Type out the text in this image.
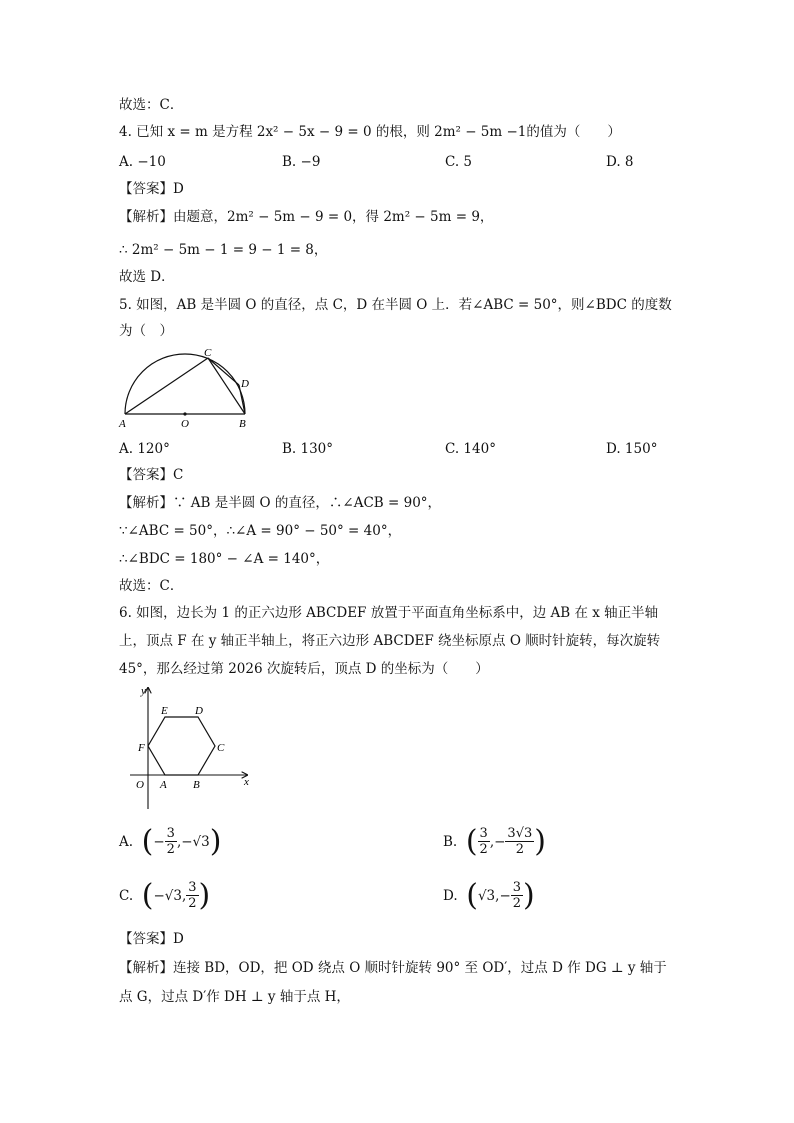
故选：C．
4. 已知 x = m 是方程 2x² − 5x − 9 = 0 的根，则 2m² − 5m −1的值为（　　）
A. −10	B. −9	C. 5	D. 8
【答案】D
【解析】由题意，2m² − 5m − 9 = 0，得 2m² − 5m = 9，
∴ 2m² − 5m − 1 = 9 − 1 = 8，
故选 D．
5. 如图，AB 是半圆 O 的直径，点 C，D 在半圆 O 上．若∠ABC = 50°，则∠BDC 的度数
为（　）
A	O	B
C
D
A. 120°	B. 130°	C. 140°	D. 150°
【答案】C
【解析】∵ AB 是半圆 O 的直径，∴∠ACB = 90°，
∵∠ABC = 50°，∴∠A = 90° − 50° = 40°，
∴∠BDC = 180° − ∠A = 140°，
故选：C．
6. 如图，边长为 1 的正六边形 ABCDEF 放置于平面直角坐标系中，边 AB 在 x 轴正半轴
上，顶点 F 在 y 轴正半轴上，将正六边形 ABCDEF 绕坐标原点 O 顺时针旋转，每次旋转
45°，那么经过第 2026 次旋转后，顶点 D 的坐标为（　　）
y
x
O A B
C
D
E
F
A.
( − $\frac{3}{2}$ , −√3 )	B.
( $\frac{3}{2}$ , − $\frac{3√3}{2}$ )
C.
( −√3 , $\frac{3}{2}$ )	D.
( √3 , − $\frac{3}{2}$ )
【答案】D
【解析】连接 BD，OD，把 OD 绕点 O 顺时针旋转 90° 至 OD′，过点 D 作 DG ⊥ y 轴于
点 G，过点 D′作 DH ⊥ y 轴于点 H，
